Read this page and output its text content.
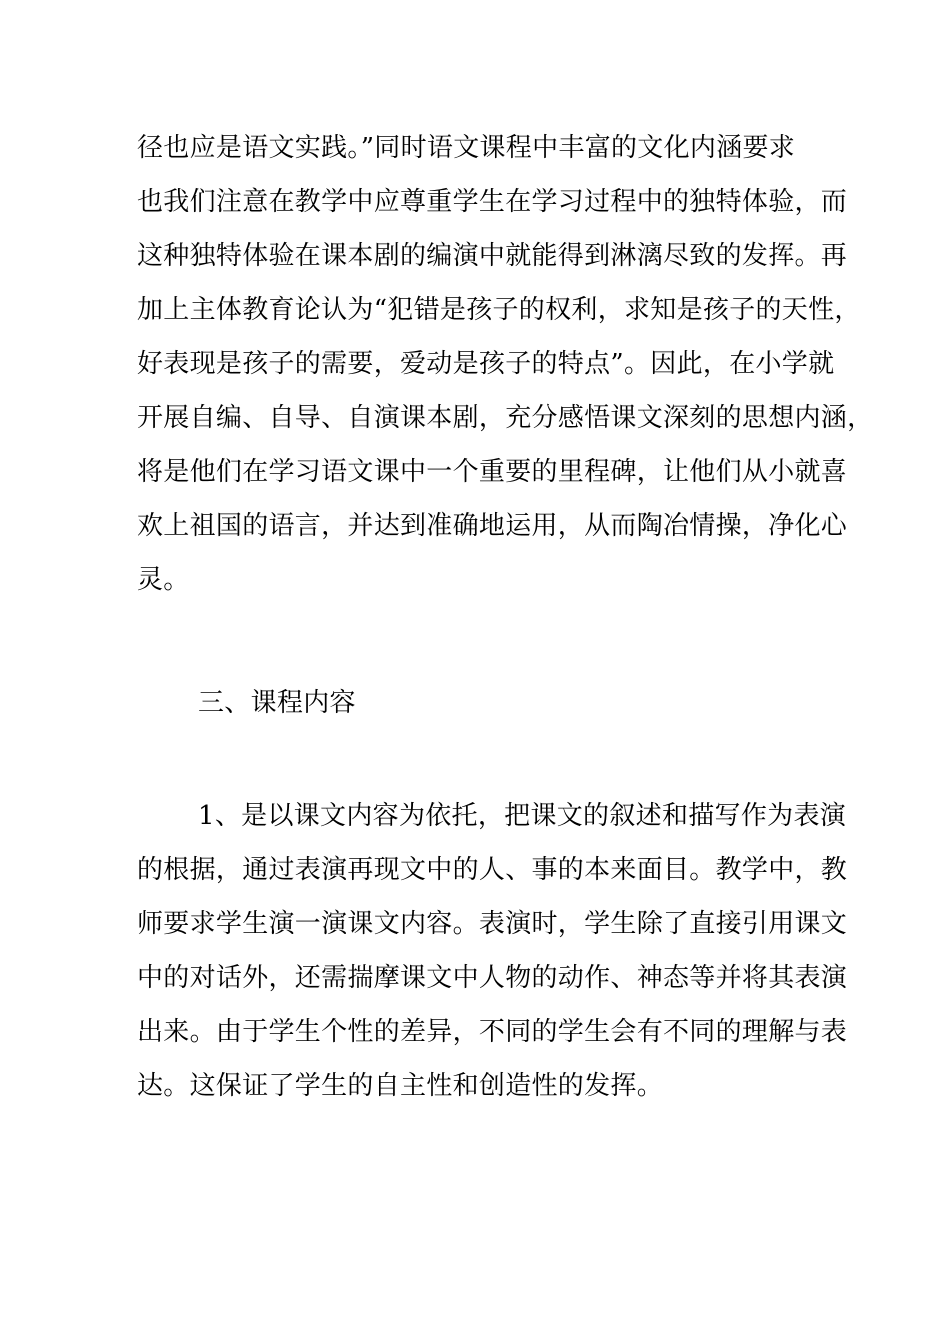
径也应是语文实践。”同时语文课程中丰富的文化内涵要求
也我们注意在教学中应尊重学生在学习过程中的独特体验，而
这种独特体验在课本剧的编演中就能得到淋漓尽致的发挥。再
加上主体教育论认为“犯错是孩子的权利，求知是孩子的天性，
好表现是孩子的需要，爱动是孩子的特点”。因此，在小学就
开展自编、自导、自演课本剧，充分感悟课文深刻的思想内涵，
将是他们在学习语文课中一个重要的里程碑，让他们从小就喜
欢上祖国的语言，并达到准确地运用，从而陶冶情操，净化心
灵。
三、课程内容
1、是以课文内容为依托，把课文的叙述和描写作为表演
的根据，通过表演再现文中的人、事的本来面目。教学中，教
师要求学生演一演课文内容。表演时，学生除了直接引用课文
中的对话外，还需揣摩课文中人物的动作、神态等并将其表演
出来。由于学生个性的差异，不同的学生会有不同的理解与表
达。这保证了学生的自主性和创造性的发挥。
